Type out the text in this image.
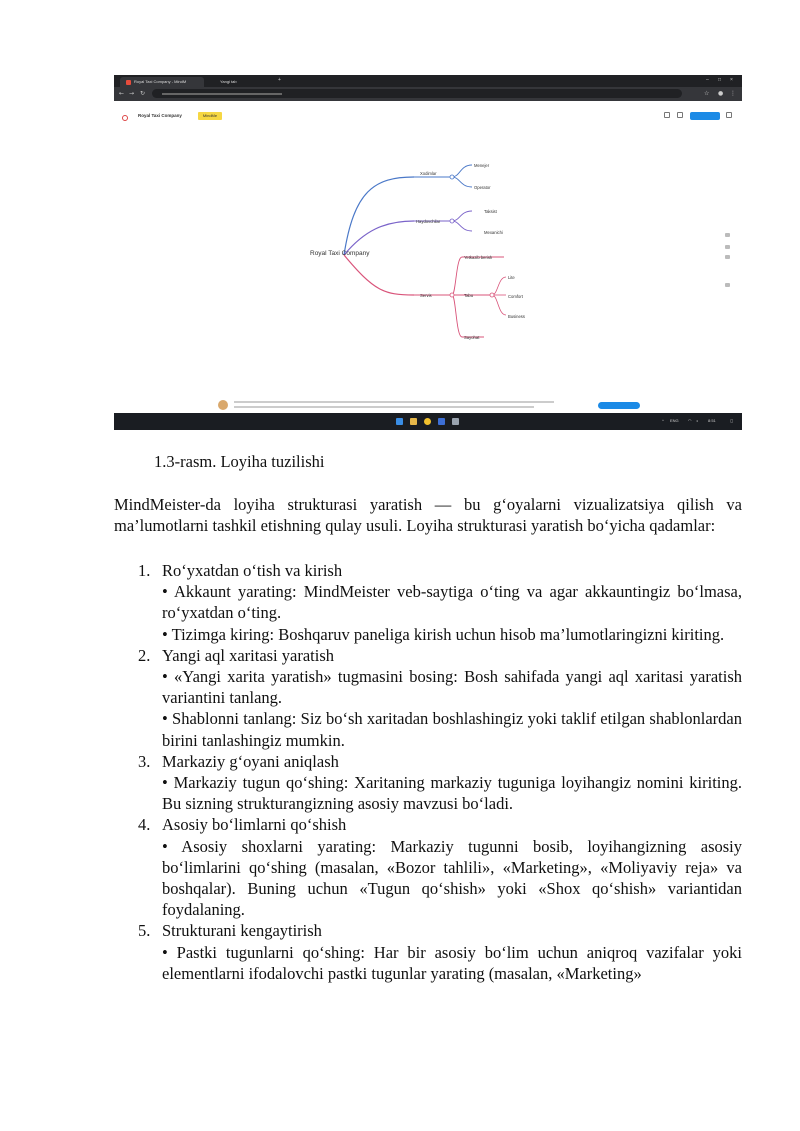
Royal Taxi Company - MindM	Yangi tab	+	– □ ×
← → ↻	☆ ● ⋮
Royal Taxi Company	MindMe
Royal Taxi Company
Xodimlar
Menejer
Operator
Haydovchilar
Taksist
Mexanichi
Servis
Yetkazib berish
Tabu
Sayohat
Lite
Comfort
Business
^ ENG ◠ ◃ 8:51	◻
1.3-rasm. Loyiha tuzilishi

MindMeister-da loyiha strukturasi yaratish — bu g‘oyalarni vizualizatsiya qilish va ma’lumotlarni tashkil etishning qulay usuli. Loyiha strukturasi yaratish bo‘yicha qadamlar:

1. Ro‘yxatdan o‘tish va kirish
• Akkaunt yarating: MindMeister veb-saytiga o‘ting va agar akkauntingiz bo‘lmasa, ro‘yxatdan o‘ting.
• Tizimga kiring: Boshqaruv paneliga kirish uchun hisob ma’lumotlaringizni kiriting.
2. Yangi aql xaritasi yaratish
• «Yangi xarita yaratish» tugmasini bosing: Bosh sahifada yangi aql xaritasi yaratish variantini tanlang.
• Shablonni tanlang: Siz bo‘sh xaritadan boshlashingiz yoki taklif etilgan shablonlardan birini tanlashingiz mumkin.
3. Markaziy g‘oyani aniqlash
• Markaziy tugun qo‘shing: Xaritaning markaziy tuguniga loyihangiz nomini kiriting. Bu sizning strukturangizning asosiy mavzusi bo‘ladi.
4. Asosiy bo‘limlarni qo‘shish
• Asosiy shoxlarni yarating: Markaziy tugunni bosib, loyihangizning asosiy bo‘limlarini qo‘shing (masalan, «Bozor tahlili», «Marketing», «Moliyaviy reja» va boshqalar). Buning uchun «Tugun qo‘shish» yoki «Shox qo‘shish» variantidan foydalaning.
5. Strukturani kengaytirish
• Pastki tugunlarni qo‘shing: Har bir asosiy bo‘lim uchun aniqroq vazifalar yoki elementlarni ifodalovchi pastki tugunlar yarating (masalan, «Marketing»
